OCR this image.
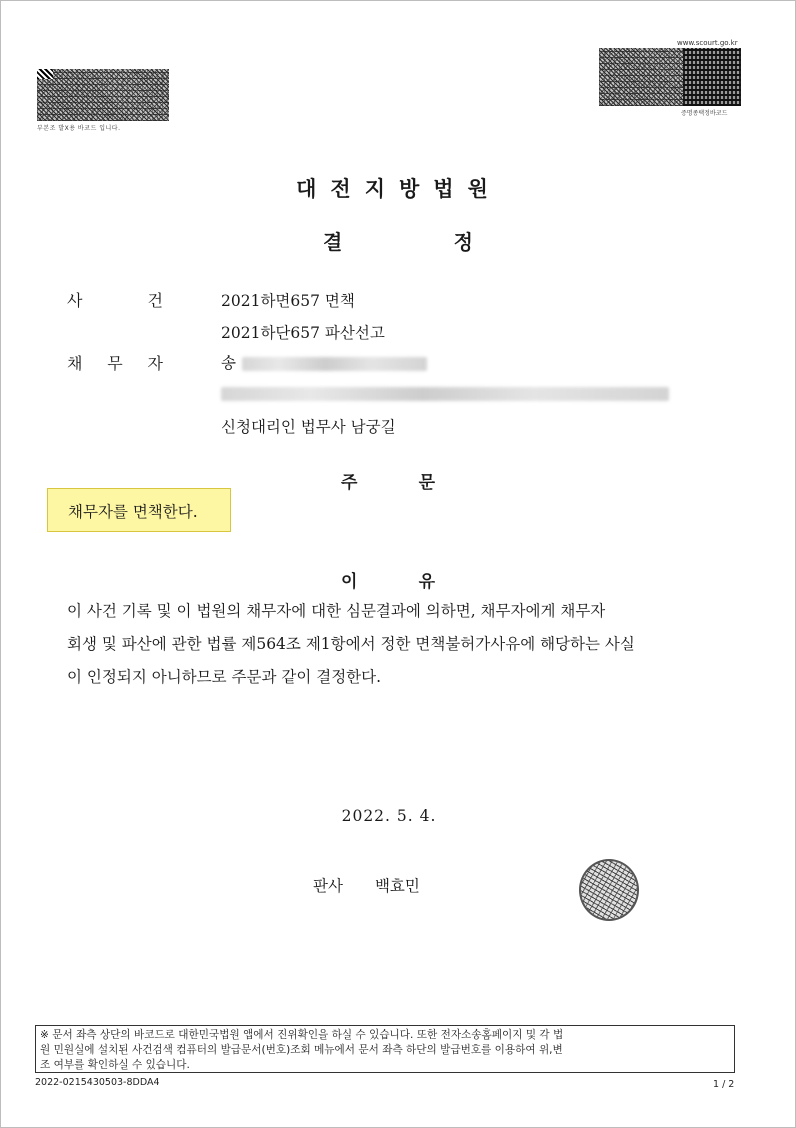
부본조 발X용 바코드 입니다.
www.scourt.go.kr
증명종택정바코드
대전지방법원
결	정
사	건	2021하면657 면책
2021하단657 파산선고
채 무 자	송
신청대리인 법무사 남궁길
주	문
채무자를 면책한다.
이	유
이 사건 기록 및 이 법원의 채무자에 대한 심문결과에 의하면, 채무자에게 채무자
회생 및 파산에 관한 법률 제564조 제1항에서 정한 면책불허가사유에 해당하는 사실
이 인정되지 아니하므로 주문과 같이 결정한다.
2022. 5. 4.
판사 백효민
※ 문서 좌측 상단의 바코드로 대한민국법원 앱에서 진위확인을 하실 수 있습니다. 또한 전자소송홈페이지 및 각 법
원 민원실에 설치된 사건검색 컴퓨터의 발급문서(번호)조회 메뉴에서 문서 좌측 하단의 발급번호를 이용하여 위,변
조 여부를 확인하실 수 있습니다.
2022-0215430503-8DDA4	1 / 2
